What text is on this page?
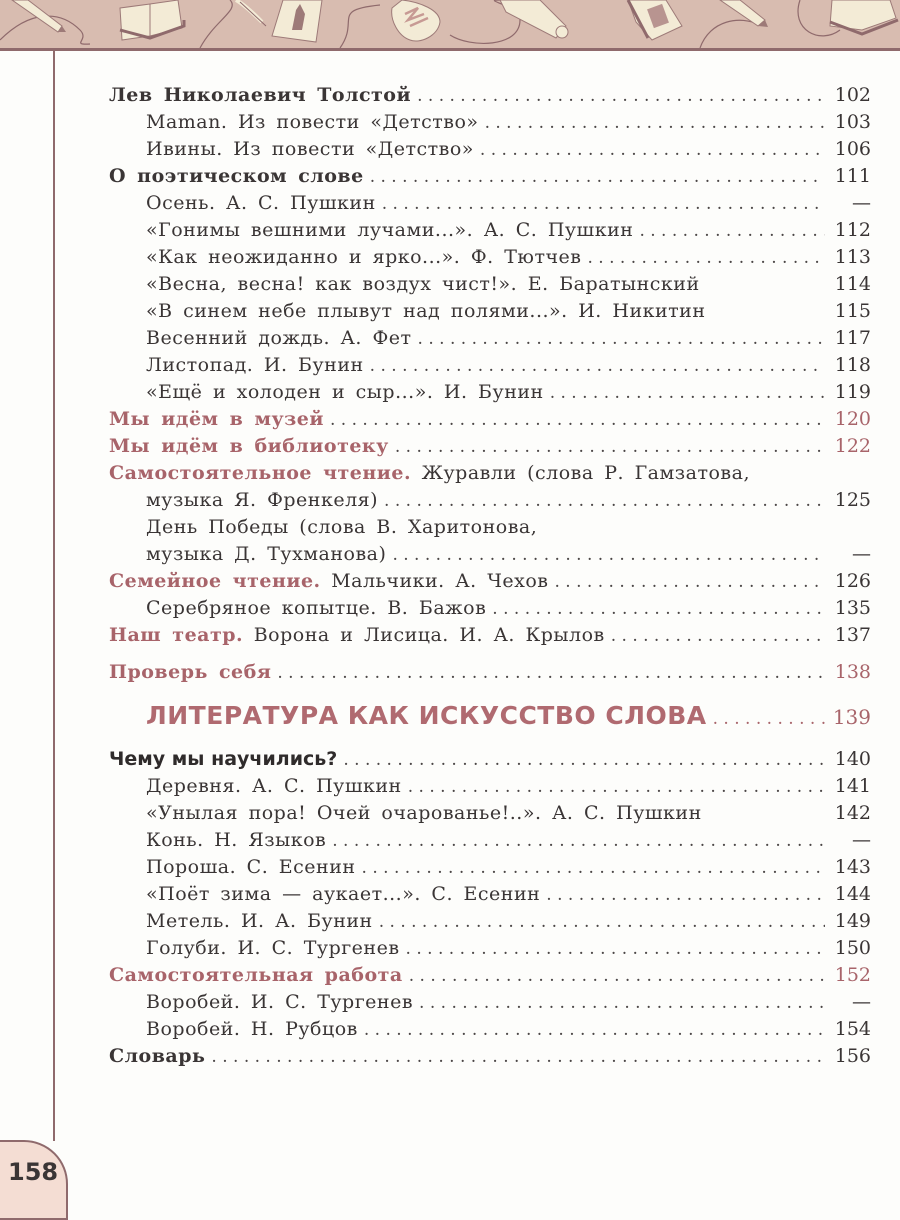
158
Лев Николаевич Толстой . . .	102
Maman. Из повести «Детство» . . .	103
Ивины. Из повести «Детство» . . .	106
О поэтическом слове . . .	111
Осень. А. С. Пушкин . . .	—
«Гонимы вешними лучами...». А. С. Пушкин . . .	112
«Как неожиданно и ярко...». Ф. Тютчев . . .	113
«Весна, весна! как воздух чист!». Е. Баратынский	114
«В синем небе плывут над полями...». И. Никитин	115
Весенний дождь. А. Фет . . .	117
Листопад. И. Бунин . . .	118
«Ещё и холоден и сыр...». И. Бунин . . .	119
Мы идём в музей . . .	120
Мы идём в библиотеку . . .	122
Самостоятельное чтение. Журавли (слова Р. Гамзатова,
музыка Я. Френкеля) . . .	125
День Победы (слова В. Харитонова,
музыка Д. Тухманова) . . .	—
Семейное чтение. Мальчики. А. Чехов . . .	126
Серебряное копытце. В. Бажов . . .	135
Наш театр. Ворона и Лисица. И. А. Крылов . . .	137
Проверь себя . . .	138
ЛИТЕРАТУРА КАК ИСКУССТВО СЛОВА . . .	139
Чему мы научились? . . .	140
Деревня. А. С. Пушкин . . .	141
«Унылая пора! Очей очарованье!..». А. С. Пушкин	142
Конь. Н. Языков . . .	—
Пороша. С. Есенин . . .	143
«Поёт зима — аукает...». С. Есенин . . .	144
Метель. И. А. Бунин . . .	149
Голуби. И. С. Тургенев . . .	150
Самостоятельная работа . . .	152
Воробей. И. С. Тургенев . . .	—
Воробей. Н. Рубцов . . .	154
Словарь . . .	156
